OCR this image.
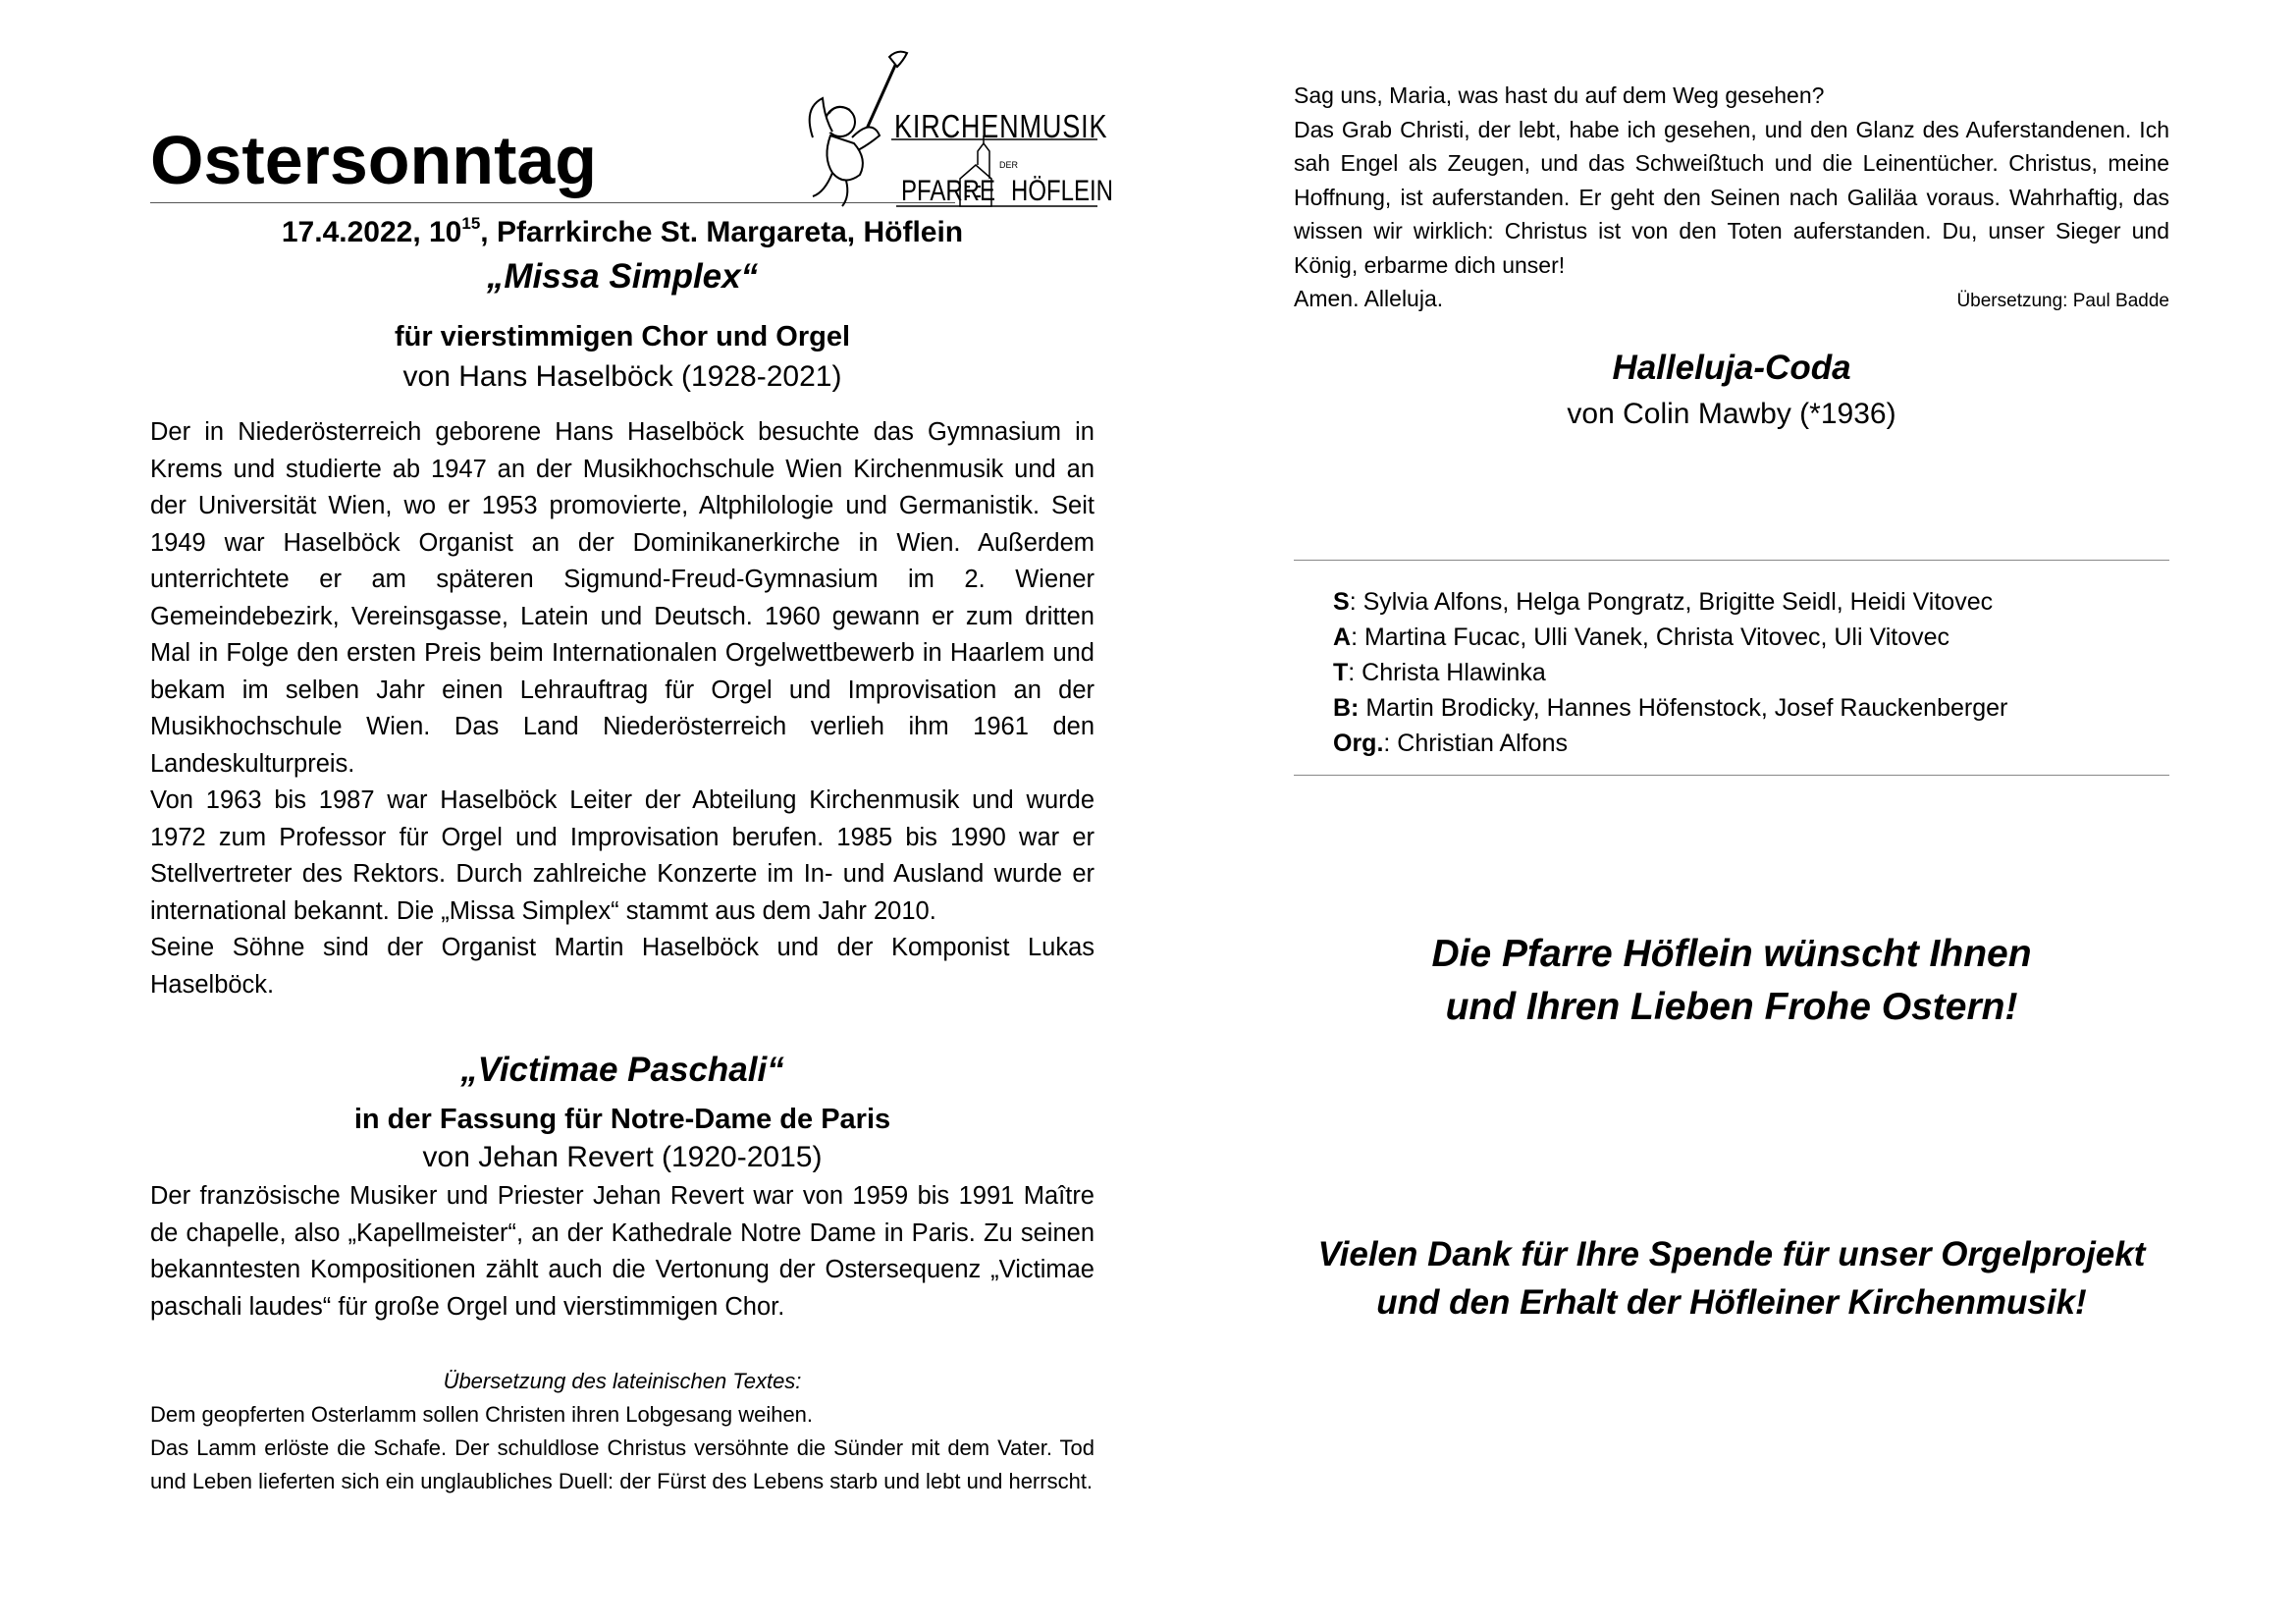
Ostersonntag	KIRCHENMUSIK
DER
PFARRE HÖFLEIN
17.4.2022, $10^{15}$, Pfarrkirche St. Margareta, Höflein
„Missa Simplex“
für vierstimmigen Chor und Orgel
von Hans Haselböck (1928-2021)

Der in Niederösterreich geborene Hans Haselböck besuchte das Gymnasium in Krems und studierte ab 1947 an der Musikhochschule Wien Kirchenmusik und an der Universität Wien, wo er 1953 promovierte, Altphilologie und Germanistik. Seit 1949 war Haselböck Organist an der Dominikanerkirche in Wien. Außerdem unterrichtete er am späteren Sigmund-Freud-Gymnasium im 2. Wiener Gemeindebezirk, Vereinsgasse, Latein und Deutsch. 1960 gewann er zum dritten Mal in Folge den ersten Preis beim Internationalen Orgelwettbewerb in Haarlem und bekam im selben Jahr einen Lehrauftrag für Orgel und Improvisation an der Musikhochschule Wien. Das Land Niederösterreich verlieh ihm 1961 den Landeskulturpreis.

Von 1963 bis 1987 war Haselböck Leiter der Abteilung Kirchenmusik und wurde 1972 zum Professor für Orgel und Improvisation berufen. 1985 bis 1990 war er Stellvertreter des Rektors. Durch zahlreiche Konzerte im In- und Ausland wurde er international bekannt. Die „Missa Simplex“ stammt aus dem Jahr 2010.

Seine Söhne sind der Organist Martin Haselböck und der Komponist Lukas Haselböck.

„Victimae Paschali“
in der Fassung für Notre-Dame de Paris
von Jehan Revert (1920-2015)

Der französische Musiker und Priester Jehan Revert war von 1959 bis 1991 Maître de chapelle, also „Kapellmeister“, an der Kathedrale Notre Dame in Paris. Zu seinen bekanntesten Kompositionen zählt auch die Vertonung der Ostersequenz „Victimae paschali laudes“ für große Orgel und vierstimmigen Chor.

Übersetzung des lateinischen Textes:

Dem geopferten Osterlamm sollen Christen ihren Lobgesang weihen.

Das Lamm erlöste die Schafe. Der schuldlose Christus versöhnte die Sünder mit dem Vater. Tod und Leben lieferten sich ein unglaubliches Duell: der Fürst des Lebens starb und lebt und herrscht.

Sag uns, Maria, was hast du auf dem Weg gesehen?

Das Grab Christi, der lebt, habe ich gesehen, und den Glanz des Auferstandenen. Ich sah Engel als Zeugen, und das Schweißtuch und die Leinentücher. Christus, meine Hoffnung, ist auferstanden. Er geht den Seinen nach Galiläa voraus. Wahrhaftig, das wissen wir wirklich: Christus ist von den Toten auferstanden. Du, unser Sieger und König, erbarme dich unser!

Amen. Alleluja.	Übersetzung: Paul Badde
Halleluja-Coda
von Colin Mawby (*1936)
S: Sylvia Alfons, Helga Pongratz, Brigitte Seidl, Heidi Vitovec
A: Martina Fucac, Ulli Vanek, Christa Vitovec, Uli Vitovec
T: Christa Hlawinka
B: Martin Brodicky, Hannes Höfenstock, Josef Rauckenberger
Org.: Christian Alfons
Die Pfarre Höflein wünscht Ihnen
und Ihren Lieben Frohe Ostern!
Vielen Dank für Ihre Spende für unser Orgelprojekt
und den Erhalt der Höfleiner Kirchenmusik!
